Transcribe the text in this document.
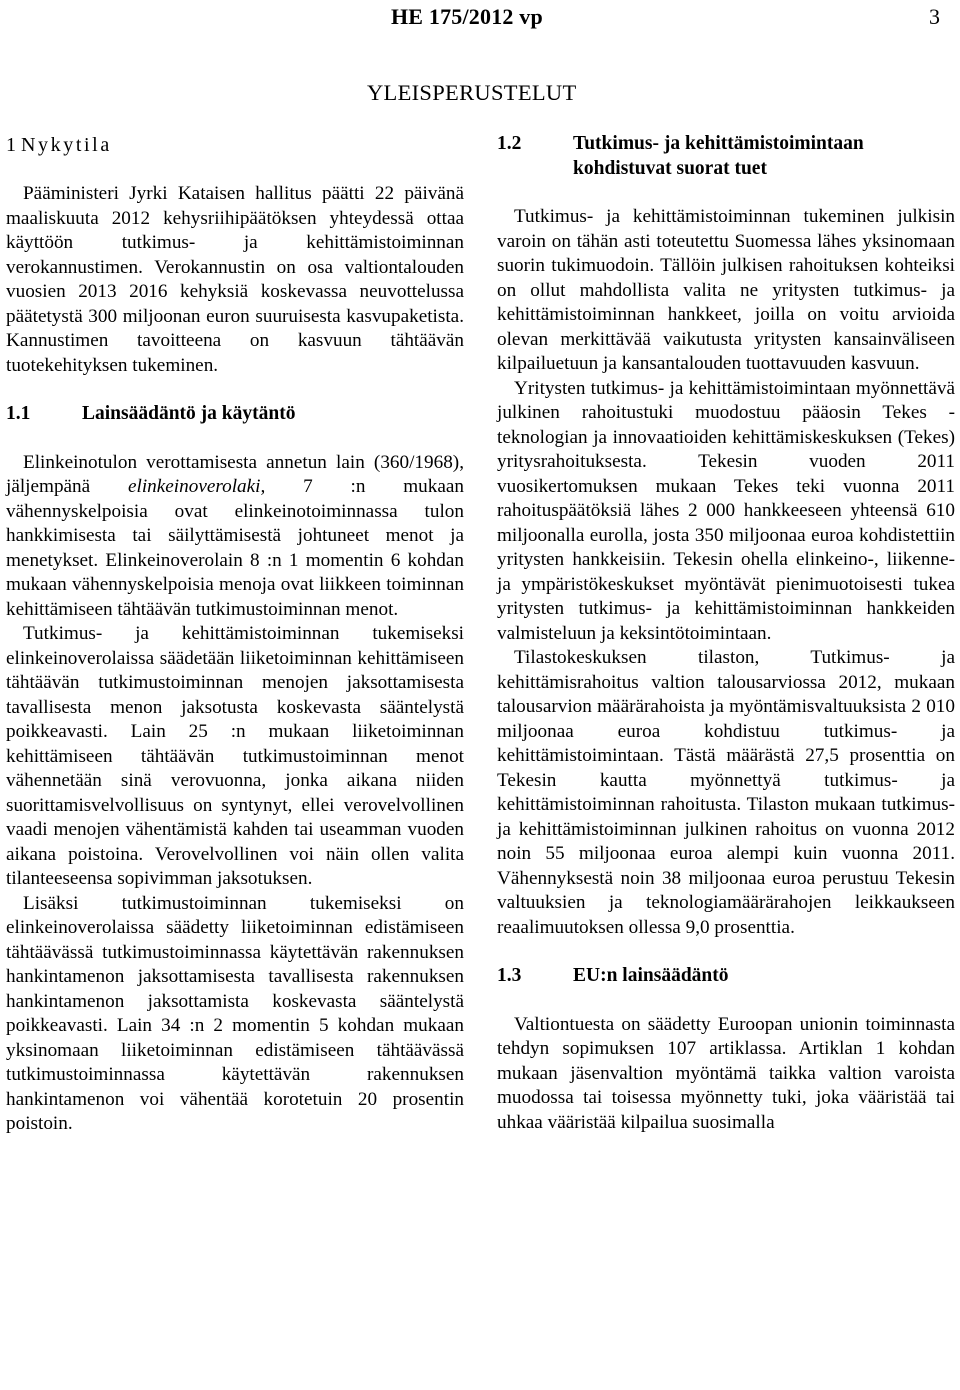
HE 175/2012 vp	3
YLEISPERUSTELUT
1 Nykytila

Pääministeri Jyrki Kataisen hallitus päätti 22 päivänä maaliskuuta 2012 kehysriihipäätöksen yhteydessä ottaa käyttöön tutkimus- ja kehittämistoiminnan verokannustimen. Verokannustin on osa valtiontalouden vuosien 2013 2016 kehyksiä koskevassa neuvottelussa päätetystä 300 miljoonan euron suuruisesta kasvupaketista. Kannustimen tavoitteena on kasvuun tähtäävän tuotekehityksen tukeminen.

1.1	Lainsäädäntö ja käytäntö

Elinkeinotulon verottamisesta annetun lain (360/1968), jäljempänä elinkeinoverolaki, 7 :n mukaan vähennyskelpoisia ovat elinkeinotoiminnassa tulon hankkimisesta tai säilyttämisestä johtuneet menot ja menetykset. Elinkeinoverolain 8 :n 1 momentin 6 kohdan mukaan vähennyskelpoisia menoja ovat liikkeen toiminnan kehittämiseen tähtäävän tutkimustoiminnan menot.

Tutkimus- ja kehittämistoiminnan tukemiseksi elinkeinoverolaissa säädetään liiketoiminnan kehittämiseen tähtäävän tutkimustoiminnan menojen jaksottamisesta tavallisesta menon jaksotusta koskevasta sääntelystä poikkeavasti. Lain 25 :n mukaan liiketoiminnan kehittämiseen tähtäävän tutkimustoiminnan menot vähennetään sinä verovuonna, jonka aikana niiden suorittamisvelvollisuus on syntynyt, ellei verovelvollinen vaadi menojen vähentämistä kahden tai useamman vuoden aikana poistoina. Verovelvollinen voi näin ollen valita tilanteeseensa sopivimman jaksotuksen.

Lisäksi tutkimustoiminnan tukemiseksi on elinkeinoverolaissa säädetty liiketoiminnan edistämiseen tähtäävässä tutkimustoiminnassa käytettävän rakennuksen hankintamenon jaksottamisesta tavallisesta rakennuksen hankintamenon jaksottamista koskevasta sääntelystä poikkeavasti. Lain 34 :n 2 momentin 5 kohdan mukaan yksinomaan liiketoiminnan edistämiseen tähtäävässä tutkimustoiminnassa käytettävän rakennuksen hankintamenon voi vähentää korotetuin 20 prosentin poistoin.

1.2	Tutkimus- ja kehittämistoimintaan kohdistuvat suorat tuet

Tutkimus- ja kehittämistoiminnan tukeminen julkisin varoin on tähän asti toteutettu Suomessa lähes yksinomaan suorin tukimuodoin. Tällöin julkisen rahoituksen kohteiksi on ollut mahdollista valita ne yritysten tutkimus- ja kehittämistoiminnan hankkeet, joilla on voitu arvioida olevan merkittävää vaikutusta yritysten kansainväliseen kilpailuetuun ja kansantalouden tuottavuuden kasvuun.

Yritysten tutkimus- ja kehittämistoimintaan myönnettävä julkinen rahoitustuki muodostuu pääosin Tekes - teknologian ja innovaatioiden kehittämiskeskuksen (Tekes) yritysrahoituksesta. Tekesin vuoden 2011 vuosikertomuksen mukaan Tekes teki vuonna 2011 rahoituspäätöksiä lähes 2 000 hankkeeseen yhteensä 610 miljoonalla eurolla, josta 350 miljoonaa euroa kohdistettiin yritysten hankkeisiin. Tekesin ohella elinkeino-, liikenne- ja ympäristökeskukset myöntävät pienimuotoisesti tukea yritysten tutkimus- ja kehittämistoiminnan hankkeiden valmisteluun ja keksintötoimintaan.

Tilastokeskuksen tilaston, Tutkimus- ja kehittämisrahoitus valtion talousarviossa 2012, mukaan talousarvion määrärahoista ja myöntämisvaltuuksista 2 010 miljoonaa euroa kohdistuu tutkimus- ja kehittämistoimintaan. Tästä määrästä 27,5 prosenttia on Tekesin kautta myönnettyä tutkimus- ja kehittämistoiminnan rahoitusta. Tilaston mukaan tutkimus- ja kehittämistoiminnan julkinen rahoitus on vuonna 2012 noin 55 miljoonaa euroa alempi kuin vuonna 2011. Vähennyksestä noin 38 miljoonaa euroa perustuu Tekesin valtuuksien ja teknologiamäärärahojen leikkaukseen reaalimuutoksen ollessa 9,0 prosenttia.

1.3	EU:n lainsäädäntö

Valtiontuesta on säädetty Euroopan unionin toiminnasta tehdyn sopimuksen 107 artiklassa. Artiklan 1 kohdan mukaan jäsenvaltion myöntämä taikka valtion varoista muodossa tai toisessa myönnetty tuki, joka vääristää tai uhkaa vääristää kilpailua suosimalla
